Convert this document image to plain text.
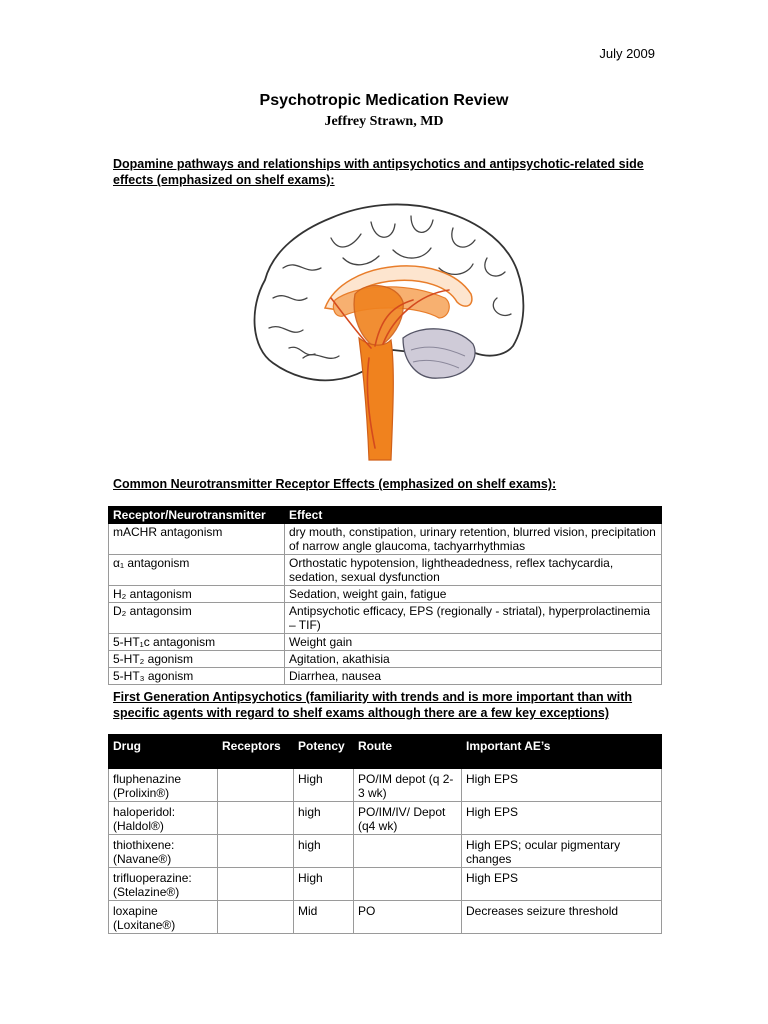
July 2009
Psychotropic Medication Review
Jeffrey Strawn, MD
Dopamine pathways and relationships with antipsychotics and antipsychotic-related side effects (emphasized on shelf exams):
Common Neurotransmitter Receptor Effects (emphasized on shelf exams):
Receptor/Neurotransmitter	Effect
mACHR antagonism	dry mouth, constipation, urinary retention, blurred vision, precipitation of narrow angle glaucoma, tachyarrhythmias
α₁ antagonism	Orthostatic hypotension, lightheadedness, reflex tachycardia, sedation, sexual dysfunction
H₂ antagonism	Sedation, weight gain, fatigue
D₂ antagonsim	Antipsychotic efficacy, EPS (regionally - striatal), hyperprolactinemia – TIF)
5-HT₁c antagonism	Weight gain
5-HT₂ agonism	Agitation, akathisia
5-HT₃ agonism	Diarrhea, nausea
First Generation Antipsychotics (familiarity with trends and is more important than with specific agents with regard to shelf exams although there are a few key exceptions)
Drug	Receptors	Potency	Route	Important AE’s
fluphenazine (Prolixin®)		High	PO/IM depot (q 2-3 wk)	High EPS
haloperidol: (Haldol®)		high	PO/IM/IV/ Depot (q4 wk)	High EPS
thiothixene: (Navane®)		high		High EPS; ocular pigmentary changes
trifluoperazine: (Stelazine®)		High		High EPS
loxapine (Loxitane®)		Mid	PO	Decreases seizure threshold
